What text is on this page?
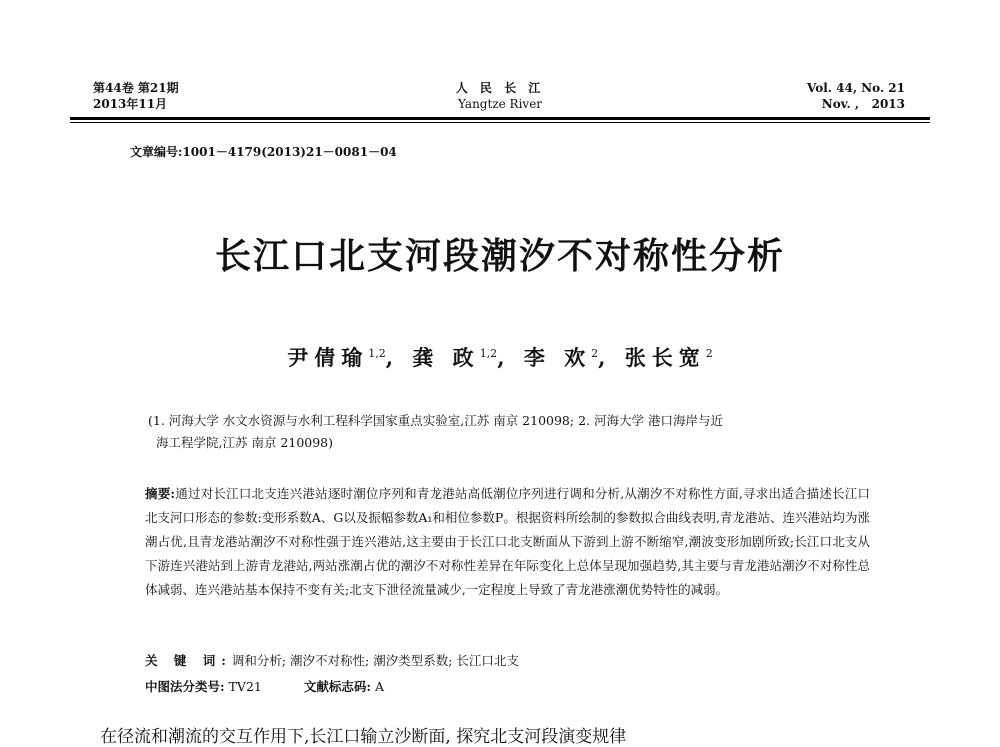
第44卷 第21期
2013年11月
人 民 长 江
Yangtze River
Vol. 44, No. 21
Nov. ,   2013
文章编号:1001－4179(2013)21－0081－04
长江口北支河段潮汐不对称性分析
尹倩瑜$^{1,2}$, 龚 政$^{1,2}$, 李 欢$^2$, 张长宽$^2$
(1. 河海大学 水文水资源与水利工程科学国家重点实验室,江苏 南京 210098; 2. 河海大学 港口海岸与近
海工程学院,江苏 南京 210098)
摘要:通过对长江口北支连兴港站逐时潮位序列和青龙港站高低潮位序列进行调和分析,从潮汐不对称性方面,寻求出适合描述长江口北支河口形态的参数:变形系数A、G以及振幅参数A₁和相位参数P。根据资料所绘制的参数拟合曲线表明,青龙港站、连兴港站均为涨潮占优,且青龙港站潮汐不对称性强于连兴港站,这主要由于长江口北支断面从下游到上游不断缩窄,潮波变形加剧所致;长江口北支从下游连兴港站到上游青龙港站,两站涨潮占优的潮汐不对称性差异在年际变化上总体呈现加强趋势,其主要与青龙港站潮汐不对称性总体减弱、连兴港站基本保持不变有关;北支下泄径流量减少,一定程度上导致了青龙港涨潮优势特性的减弱。
关 键 词:调和分析; 潮汐不对称性; 潮汐类型系数; 长江口北支
中图法分类号: TV21	文献标志码: A
在径流和潮流的交互作用下,长江口输立沙断面, 探究北支河段演变规律
